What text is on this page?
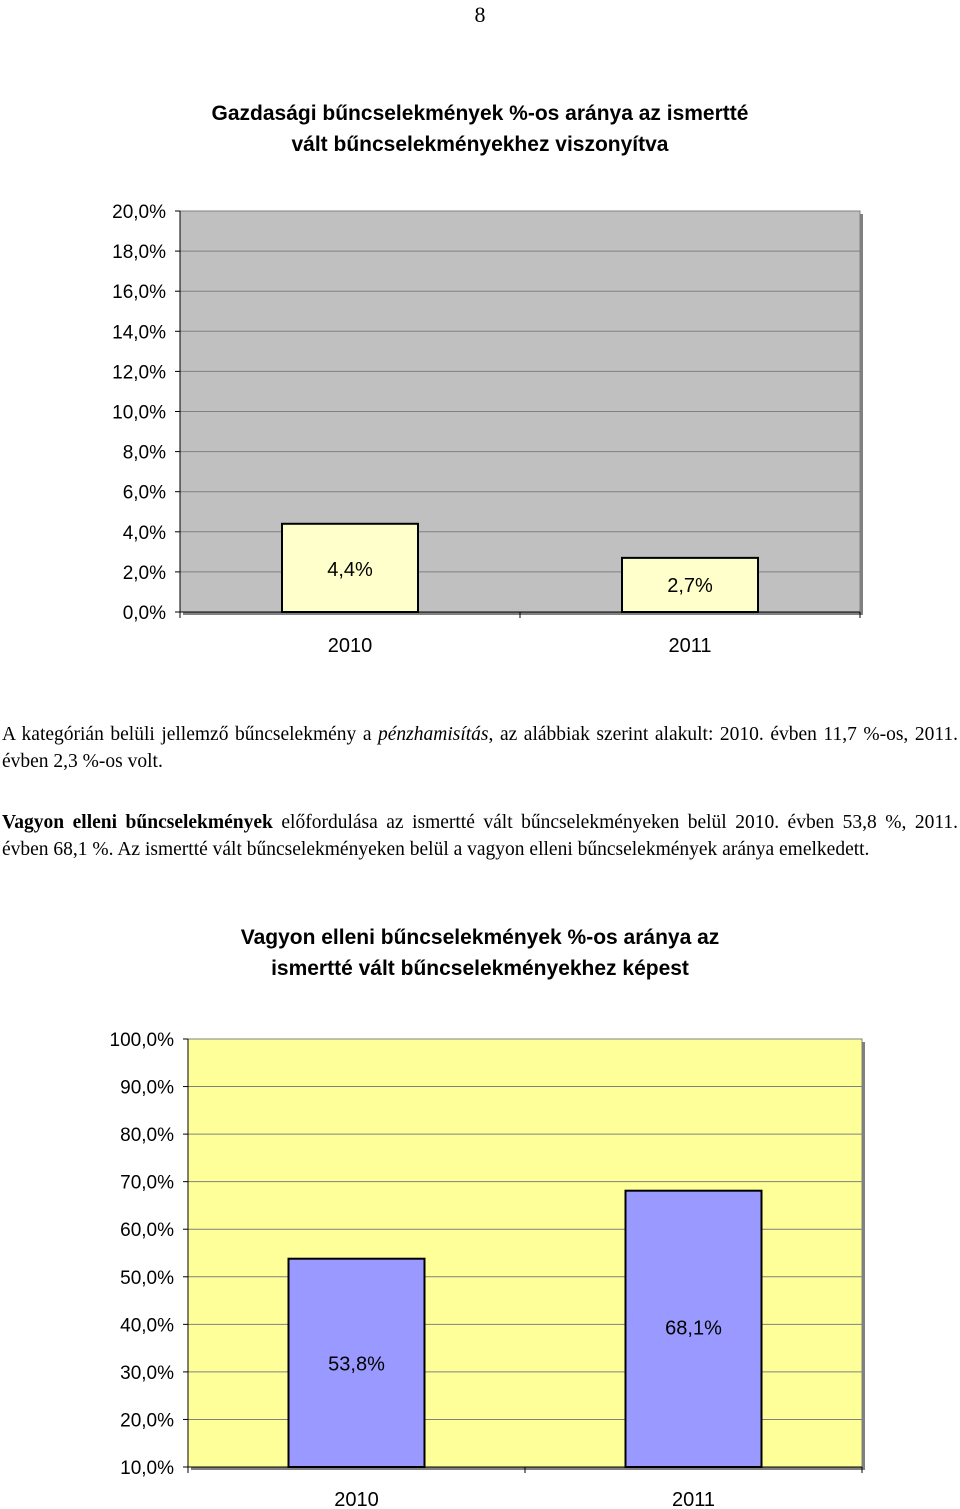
8
Gazdasági bűncselekmények %-os aránya az ismertté
vált bűncselekményekhez viszonyítva
0,0%
2,0%
4,0%
6,0%
8,0%
10,0%
12,0%
14,0%
16,0%
18,0%
20,0%
4,4%
2010
2,7%
2011

A kategórián belüli jellemző bűncselekmény a pénzhamisítás, az alábbiak szerint alakult: 2010. évben 11,7 %-os, 2011. évben 2,3 %-os volt.

Vagyon elleni bűncselekmények előfordulása az ismertté vált bűncselekményeken belül 2010. évben 53,8 %, 2011. évben 68,1 %. Az ismertté vált bűncselekményeken belül a vagyon elleni bűncselekmények aránya emelkedett.

Vagyon elleni bűncselekmények %-os aránya az
ismertté vált bűncselekményekhez képest
10,0%
20,0%
30,0%
40,0%
50,0%
60,0%
70,0%
80,0%
90,0%
100,0%
53,8%
2010
68,1%
2011
